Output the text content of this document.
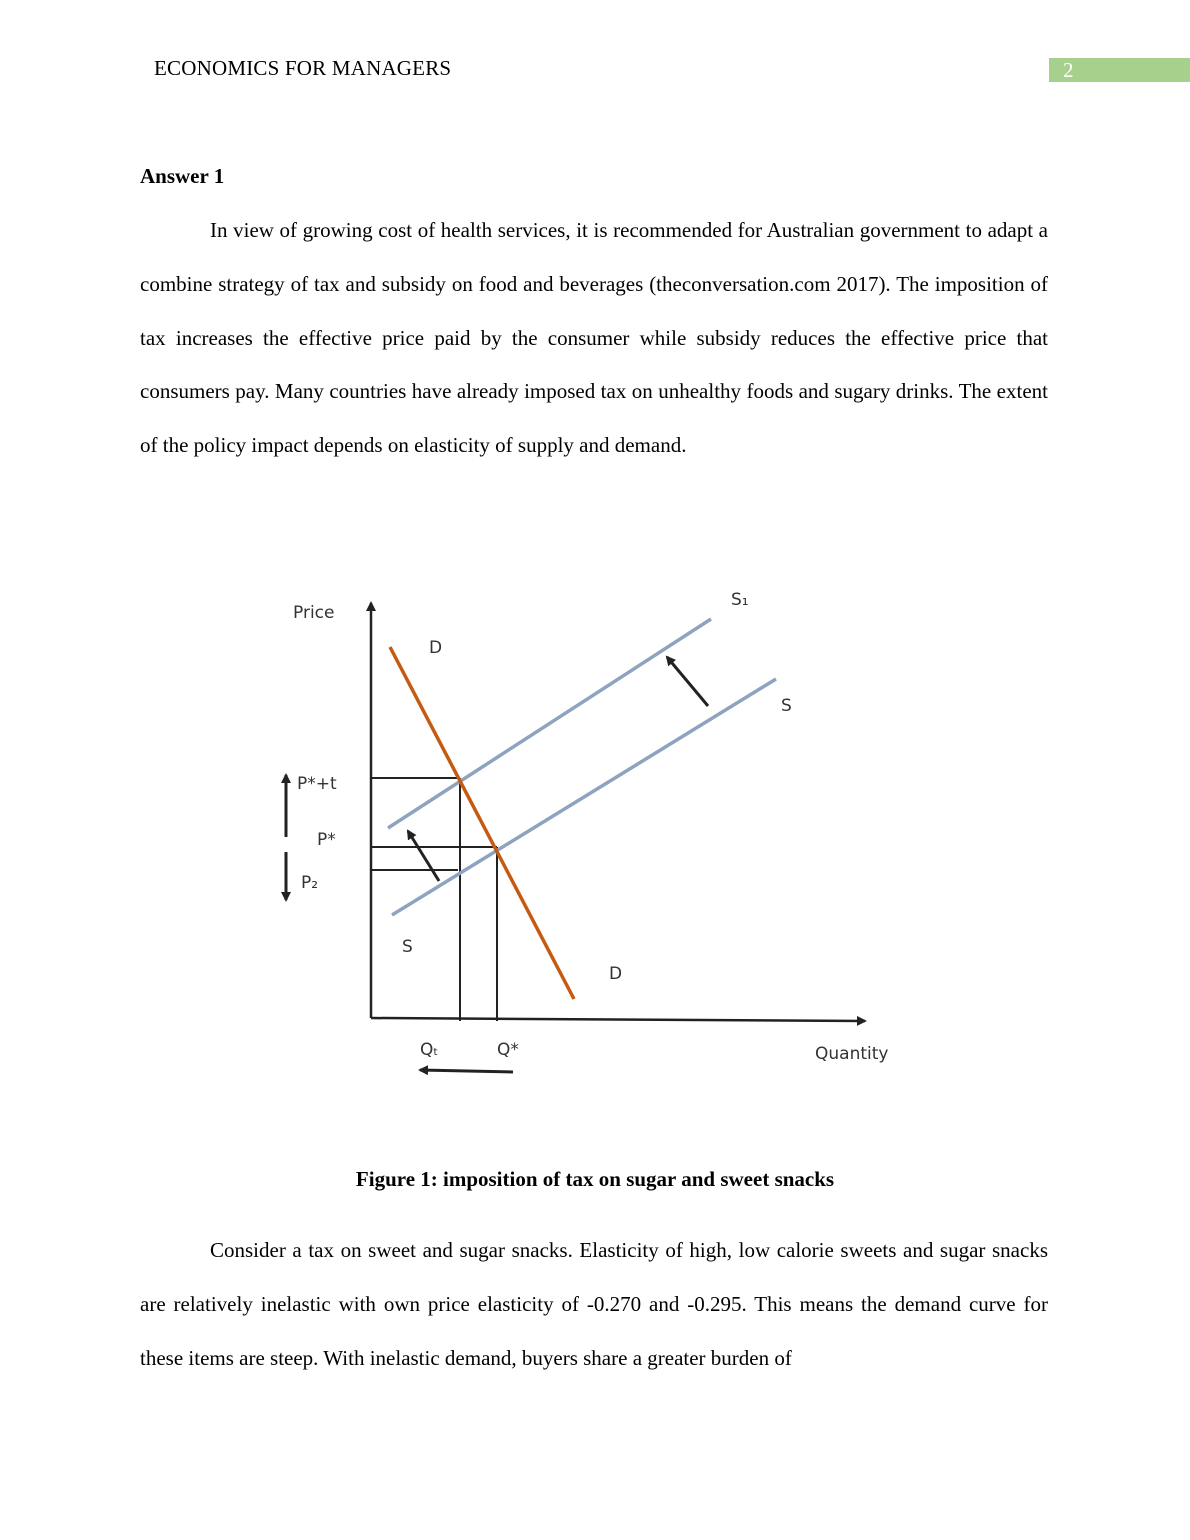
ECONOMICS FOR MANAGERS	2
Answer 1

In view of growing cost of health services, it is recommended for Australian government to adapt a combine strategy of tax and subsidy on food and beverages (theconversation.com 2017). The imposition of tax increases the effective price paid by the consumer while subsidy reduces the effective price that consumers pay. Many countries have already imposed tax on unhealthy foods and sugary drinks. The extent of the policy impact depends on elasticity of supply and demand.

Price
Quantity
S₁
S
S
D
D
P*+t
P*
P₂
Qₜ	Q*
Figure 1: imposition of tax on sugar and sweet snacks

Consider a tax on sweet and sugar snacks. Elasticity of high, low calorie sweets and sugar snacks are relatively inelastic with own price elasticity of -0.270 and -0.295. This means the demand curve for these items are steep. With inelastic demand, buyers share a greater burden of
